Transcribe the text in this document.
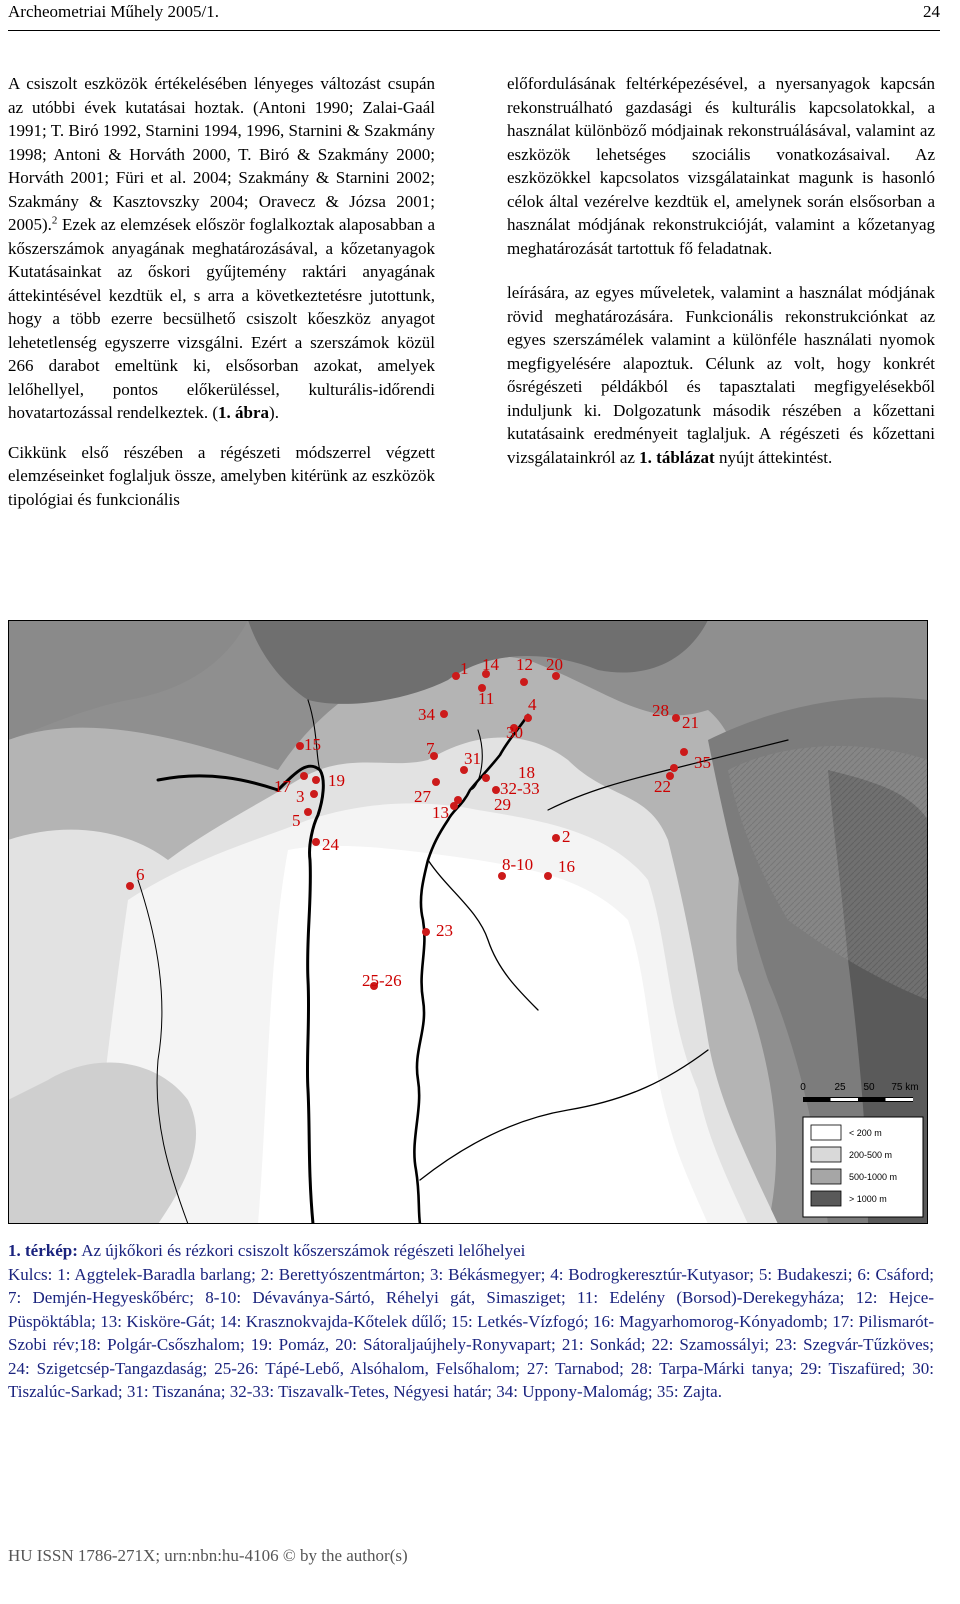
Archeometriai Műhely 2005/1.	24

A csiszolt eszközök értékelésében lényeges változást csupán az utóbbi évek kutatásai hoztak. (Antoni 1990; Zalai-Gaál 1991; T. Biró 1992, Starnini 1994, 1996, Starnini & Szakmány 1998; Antoni & Horváth 2000, T. Biró & Szakmány 2000; Horváth 2001; Füri et al. 2004; Szakmány & Starnini 2002; Szakmány & Kasztovszky 2004; Oravecz & Józsa 2001; 2005).$^2$ Ezek az elemzések először foglalkoztak alaposabban a kőszerszámok anyagának meghatározásával, a kőzetanyagok Kutatásainkat az őskori gyűjtemény raktári anyagának áttekintésével kezdtük el, s arra a következtetésre jutottunk, hogy a több ezerre becsülhető csiszolt kőeszköz anyagot lehetetlenség egyszerre vizsgálni. Ezért a szerszámok közül 266 darabot emeltünk ki, elsősorban azokat, amelyek lelőhellyel, pontos előkerüléssel, kulturális-időrendi hovatartozással rendelkeztek. (1. ábra).

Cikkünk első részében a régészeti módszerrel végzett elemzéseinket foglaljuk össze, amelyben kitérünk az eszközök tipológiai és funkcionális

előfordulásának feltérképezésével, a nyersanyagok kapcsán rekonstruálható gazdasági és kulturális kapcsolatokkal, a használat különböző módjainak rekonstruálásával, valamint az eszközök lehetséges szociális vonatkozásaival. Az eszközökkel kapcsolatos vizsgálatainkat magunk is hasonló célok által vezérelve kezdtük el, amelynek során elsősorban a használat módjának rekonstrukcióját, valamint a kőzetanyag meghatározását tartottuk fő feladatnak.

leírására, az egyes műveletek, valamint a használat módjának rövid meghatározására. Funkcionális rekonstrukciónkat az egyes szerszámélek valamint a különféle használati nyomok megfigyelésére alapoztuk. Célunk az volt, hogy konkrét ősrégészeti példákból és tapasztalati megfigyelésekből induljunk ki. Dolgozatunk második részében a kőzettani kutatásaink eredményeit taglaljuk. A régészeti és kőzettani vizsgálatainkról az 1. táblázat nyújt áttekintést.

1 14 12 20
11
34
4
30
28
21
15	7
31
18
35
17 19
3	27	32-33
29
22
13
5
2
24
8-10 16
6
23
25-26
0	25 50 75 km
< 200 m
200-500 m
500-1000 m
> 1000 m
1. térkép: Az újkőkori és rézkori csiszolt kőszerszámok régészeti lelőhelyei
Kulcs: 1: Aggtelek-Baradla barlang; 2: Berettyószentmárton; 3: Békásmegyer; 4: Bodrogkeresztúr-Kutyasor; 5: Budakeszi; 6: Csáford; 7: Demjén-Hegyeskőbérc; 8-10: Dévaványa-Sártó, Réhelyi gát, Simasziget; 11: Edelény (Borsod)-Derekegyháza; 12: Hejce-Püspöktábla; 13: Kisköre-Gát; 14: Krasznokvajda-Kőtelek dűlő; 15: Letkés-Vízfogó; 16: Magyarhomorog-Kónyadomb; 17: Pilismarót-Szobi rév;18: Polgár-Csőszhalom; 19: Pomáz, 20: Sátoraljaújhely-Ronyvapart; 21: Sonkád; 22: Szamossályi; 23: Szegvár-Tűzköves; 24: Szigetcsép-Tangazdaság; 25-26: Tápé-Lebő, Alsóhalom, Felsőhalom; 27: Tarnabod; 28: Tarpa-Márki tanya; 29: Tiszafüred; 30: Tiszalúc-Sarkad; 31: Tiszanána; 32-33: Tiszavalk-Tetes, Négyesi határ; 34: Uppony-Malomág; 35: Zajta.
HU ISSN 1786-271X; urn:nbn:hu-4106 © by the author(s)
